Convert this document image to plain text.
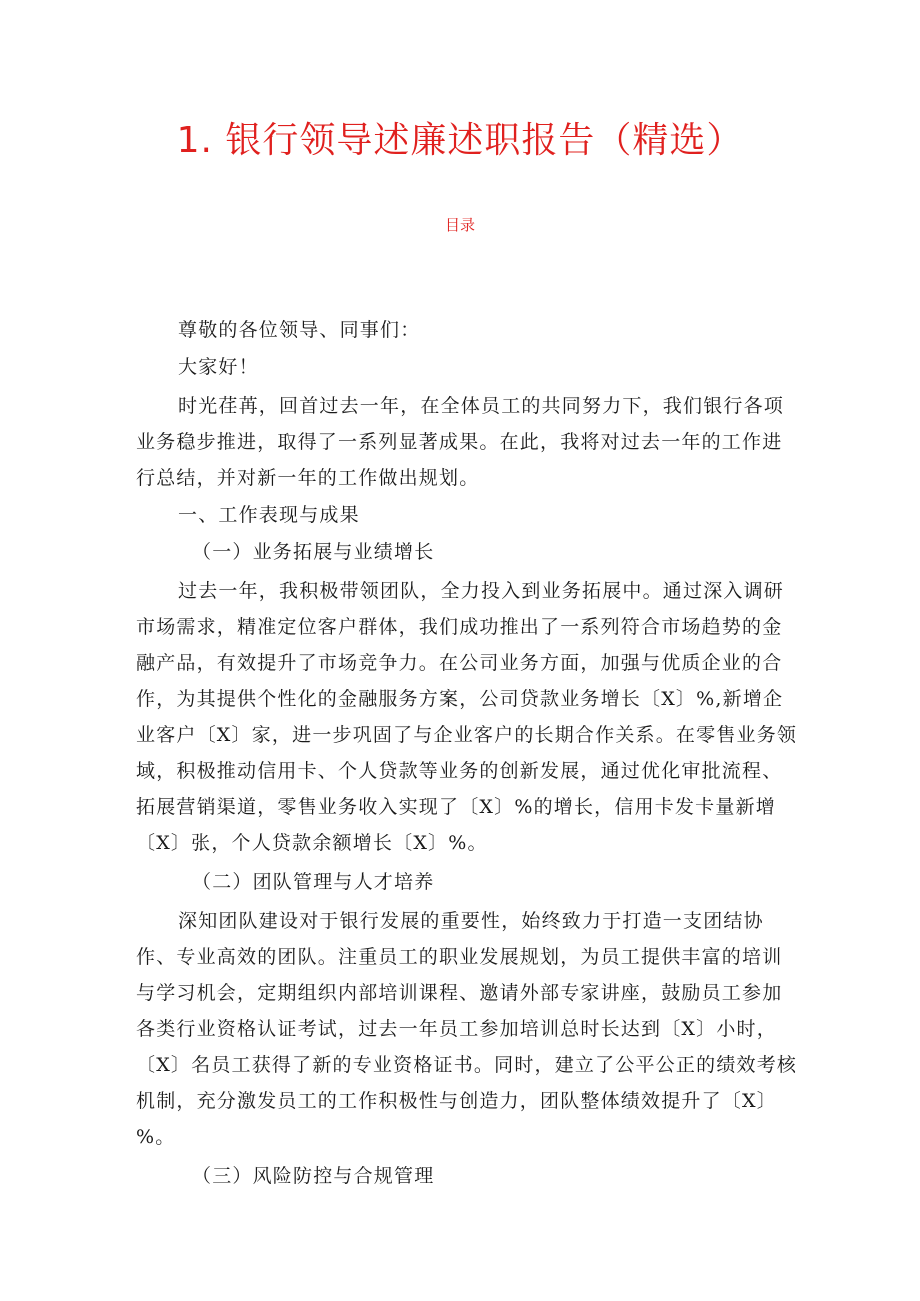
1. 银行领导述廉述职报告（精选）
目录

尊敬的各位领导、同事们：

大家好！

时光荏苒，回首过去一年，在全体员工的共同努力下，我们银行各项业务稳步推进，取得了一系列显著成果。在此，我将对过去一年的工作进行总结，并对新一年的工作做出规划。

一、工作表现与成果

（一）业务拓展与业绩增长

过去一年，我积极带领团队，全力投入到业务拓展中。通过深入调研市场需求，精准定位客户群体，我们成功推出了一系列符合市场趋势的金融产品，有效提升了市场竞争力。在公司业务方面，加强与优质企业的合作，为其提供个性化的金融服务方案，公司贷款业务增长〔X〕%,新增企业客户〔X〕家，进一步巩固了与企业客户的长期合作关系。在零售业务领域，积极推动信用卡、个人贷款等业务的创新发展，通过优化审批流程、拓展营销渠道，零售业务收入实现了〔X〕%的增长，信用卡发卡量新增〔X〕张，个人贷款余额增长〔X〕%。

（二）团队管理与人才培养

深知团队建设对于银行发展的重要性，始终致力于打造一支团结协作、专业高效的团队。注重员工的职业发展规划，为员工提供丰富的培训与学习机会，定期组织内部培训课程、邀请外部专家讲座，鼓励员工参加各类行业资格认证考试，过去一年员工参加培训总时长达到〔X〕小时，〔X〕名员工获得了新的专业资格证书。同时，建立了公平公正的绩效考核机制，充分激发员工的工作积极性与创造力，团队整体绩效提升了〔X〕%。

（三）风险防控与合规管理
